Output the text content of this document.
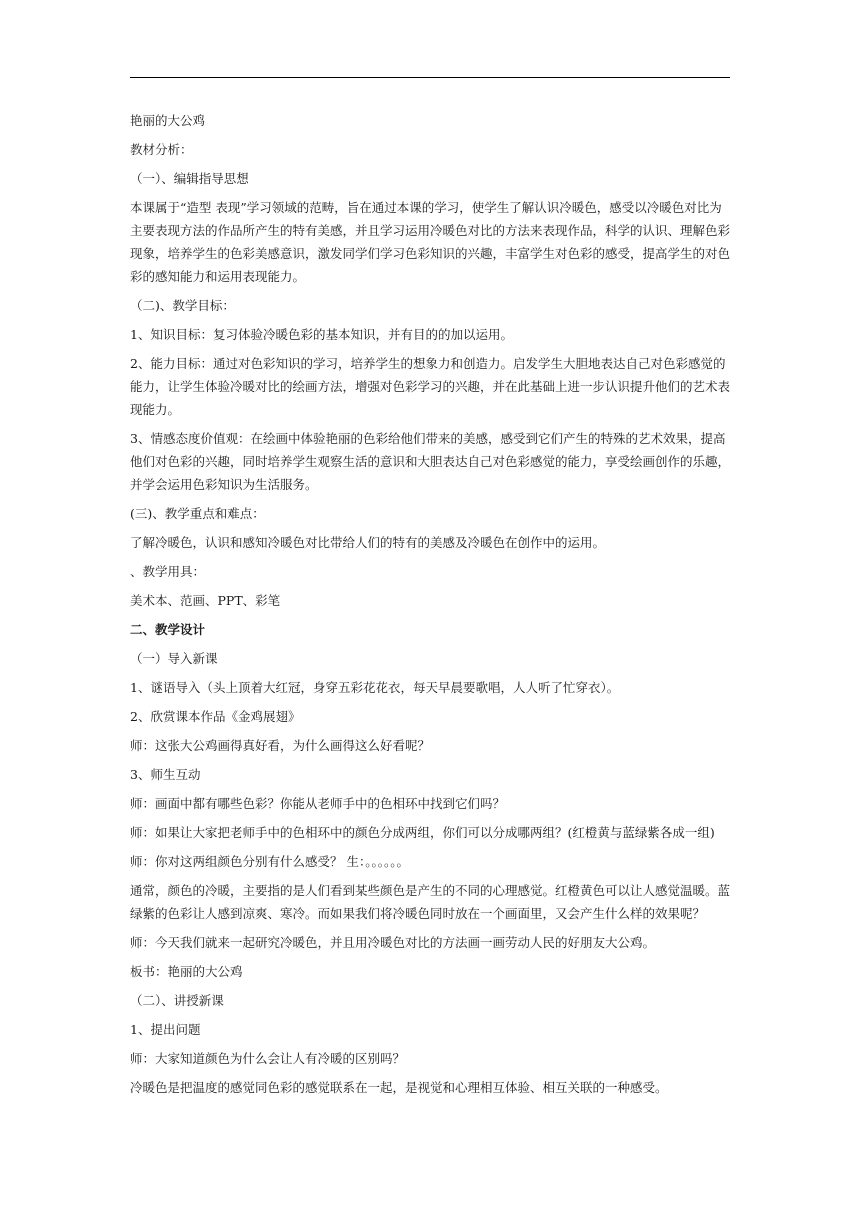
艳丽的大公鸡
教材分析：
（一）、编辑指导思想
本课属于“造型 表现”学习领域的范畴，旨在通过本课的学习，使学生了解认识冷暖色，感受以冷暖色对比为主要表现方法的作品所产生的特有美感，并且学习运用冷暖色对比的方法来表现作品，科学的认识、理解色彩现象，培养学生的色彩美感意识，激发同学们学习色彩知识的兴趣，丰富学生对色彩的感受，提高学生的对色彩的感知能力和运用表现能力。
（二)、教学目标：
1、知识目标：复习体验冷暖色彩的基本知识，并有目的的加以运用。
2、能力目标：通过对色彩知识的学习，培养学生的想象力和创造力。启发学生大胆地表达自己对色彩感觉的能力，让学生体验冷暖对比的绘画方法，增强对色彩学习的兴趣，并在此基础上进一步认识提升他们的艺术表现能力。
3、情感态度价值观：在绘画中体验艳丽的色彩给他们带来的美感，感受到它们产生的特殊的艺术效果，提高他们对色彩的兴趣，同时培养学生观察生活的意识和大胆表达自己对色彩感觉的能力，享受绘画创作的乐趣，并学会运用色彩知识为生活服务。
(三)、教学重点和难点：
了解冷暖色，认识和感知冷暖色对比带给人们的特有的美感及冷暖色在创作中的运用。
、教学用具：
美术本、范画、PPT、彩笔
二、教学设计
（一）导入新课
1、谜语导入（头上顶着大红冠，身穿五彩花花衣，每天早晨要歌唱，人人听了忙穿衣）。
2、欣赏课本作品《金鸡展翅》
师：这张大公鸡画得真好看，为什么画得这么好看呢？
3、师生互动
师：画面中都有哪些色彩？你能从老师手中的色相环中找到它们吗？
师：如果让大家把老师手中的色相环中的颜色分成两组，你们可以分成哪两组？(红橙黄与蓝绿紫各成一组)
师：你对这两组颜色分别有什么感受？ 生：。。。。。。
通常，颜色的冷暖，主要指的是人们看到某些颜色是产生的不同的心理感觉。红橙黄色可以让人感觉温暖。蓝绿紫的色彩让人感到凉爽、寒冷。而如果我们将冷暖色同时放在一个画面里，又会产生什么样的效果呢？
师：今天我们就来一起研究冷暖色，并且用冷暖色对比的方法画一画劳动人民的好朋友大公鸡。
板书：艳丽的大公鸡
（二）、讲授新课
1、提出问题
师：大家知道颜色为什么会让人有冷暖的区别吗？
冷暖色是把温度的感觉同色彩的感觉联系在一起，是视觉和心理相互体验、相互关联的一种感受。
